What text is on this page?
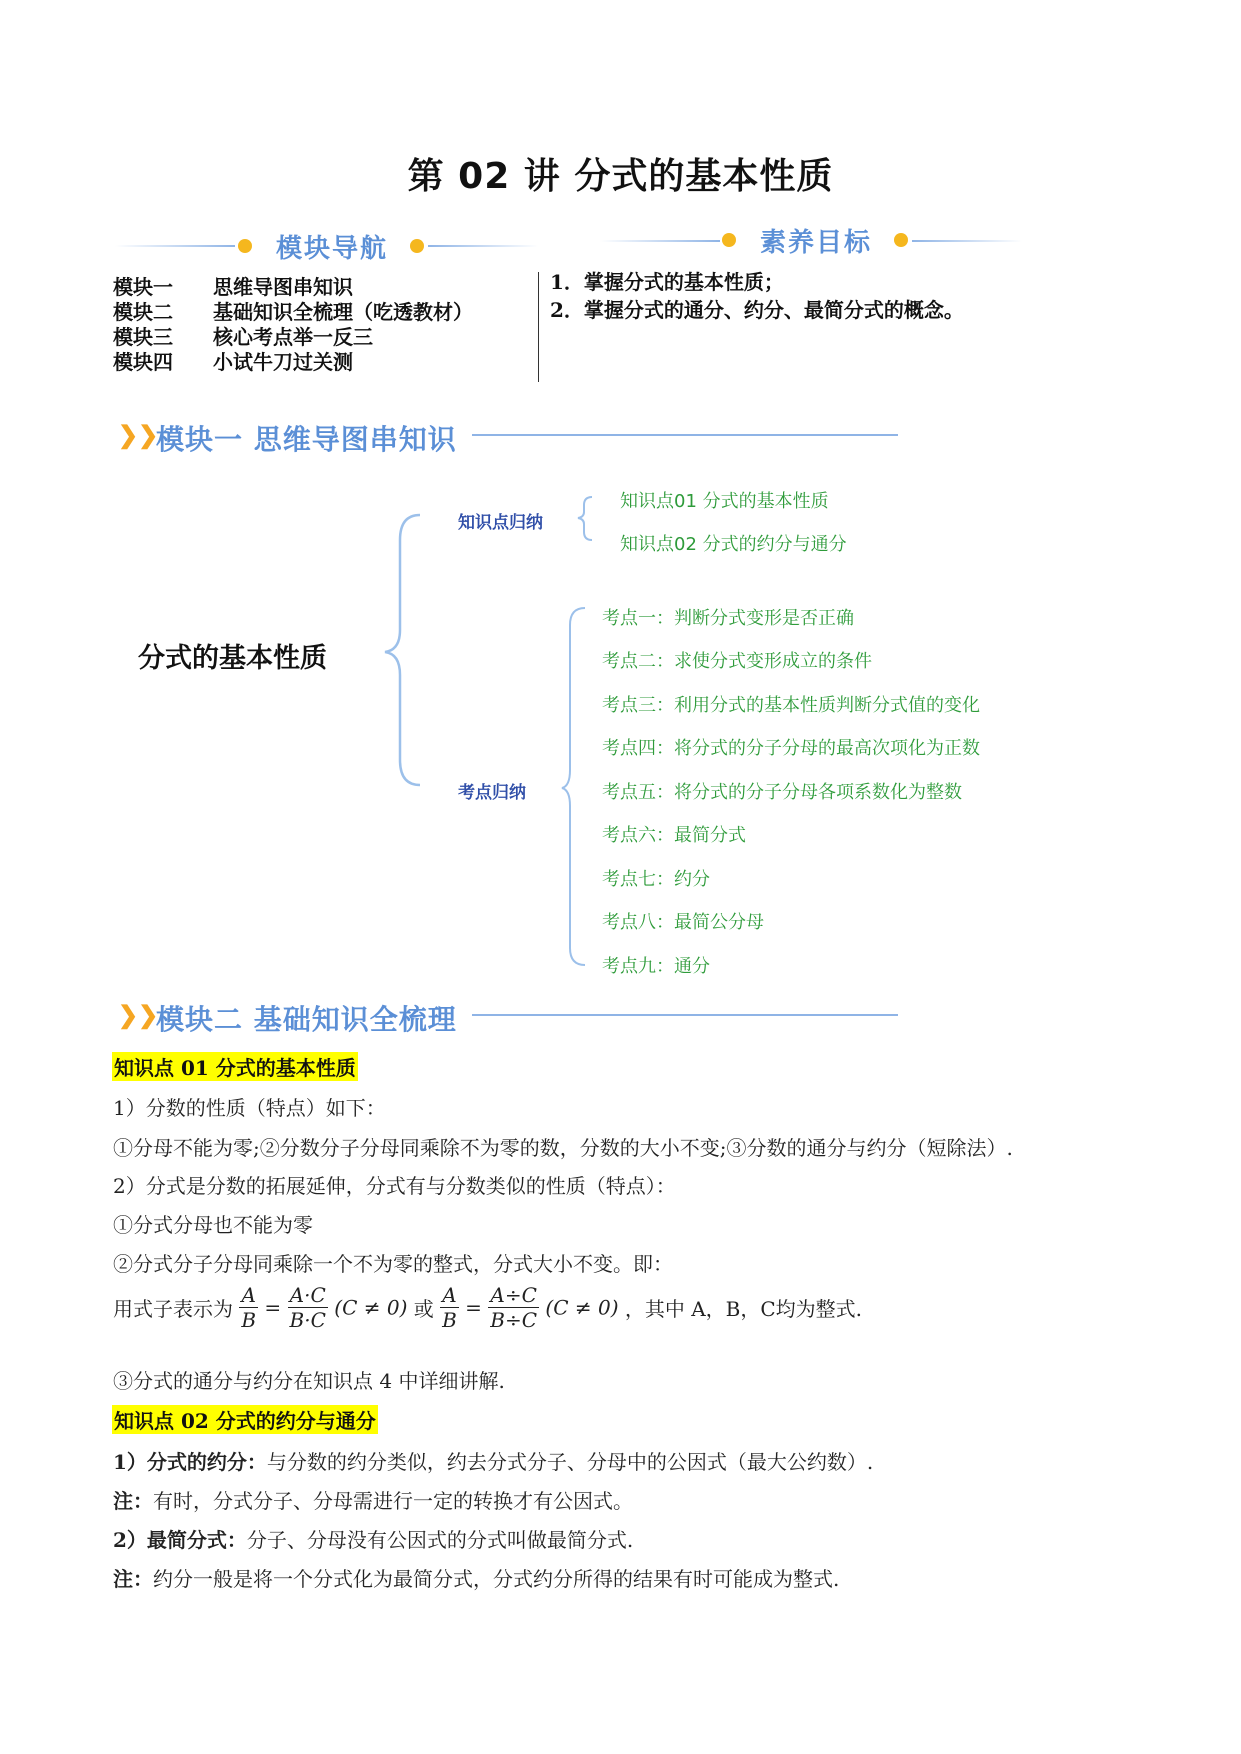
第 02 讲 分式的基本性质
模块导航	素养目标
模块一 思维导图串知识
模块二 基础知识全梳理（吃透教材）
模块三 核心考点举一反三
模块四 小试牛刀过关测
1．掌握分式的基本性质；
2．掌握分式的通分、约分、最简分式的概念。
❯❯
模块一 思维导图串知识
分式的基本性质
知识点归纳
考点归纳
知识点01 分式的基本性质
知识点02 分式的约分与通分
考点一：判断分式变形是否正确
考点二：求使分式变形成立的条件
考点三：利用分式的基本性质判断分式值的变化
考点四：将分式的分子分母的最高次项化为正数
考点五：将分式的分子分母各项系数化为整数
考点六：最简分式
考点七：约分
考点八：最简公分母
考点九：通分
❯❯
模块二 基础知识全梳理
知识点 01 分式的基本性质
1）分数的性质（特点）如下：
①分母不能为零;②分数分子分母同乘除不为零的数，分数的大小不变;③分数的通分与约分（短除法）.
2）分式是分数的拓展延伸，分式有与分数类似的性质（特点）：
①分式分母也不能为零
②分式分子分母同乘除一个不为零的整式，分式大小不变。即：
用式子表示为 $\frac{A}{B} = \frac{A\cdot C}{B\cdot C} (C \ne 0)$ 或 $\frac{A}{B} = \frac{A\div C}{B\div C} (C \ne 0)$ ，其中 A，B，C均为整式.
③分式的通分与约分在知识点 4 中详细讲解.
知识点 02 分式的约分与通分
1）分式的约分：与分数的约分类似，约去分式分子、分母中的公因式（最大公约数）.
注：有时，分式分子、分母需进行一定的转换才有公因式。
2）最简分式：分子、分母没有公因式的分式叫做最简分式.
注：约分一般是将一个分式化为最简分式，分式约分所得的结果有时可能成为整式.
